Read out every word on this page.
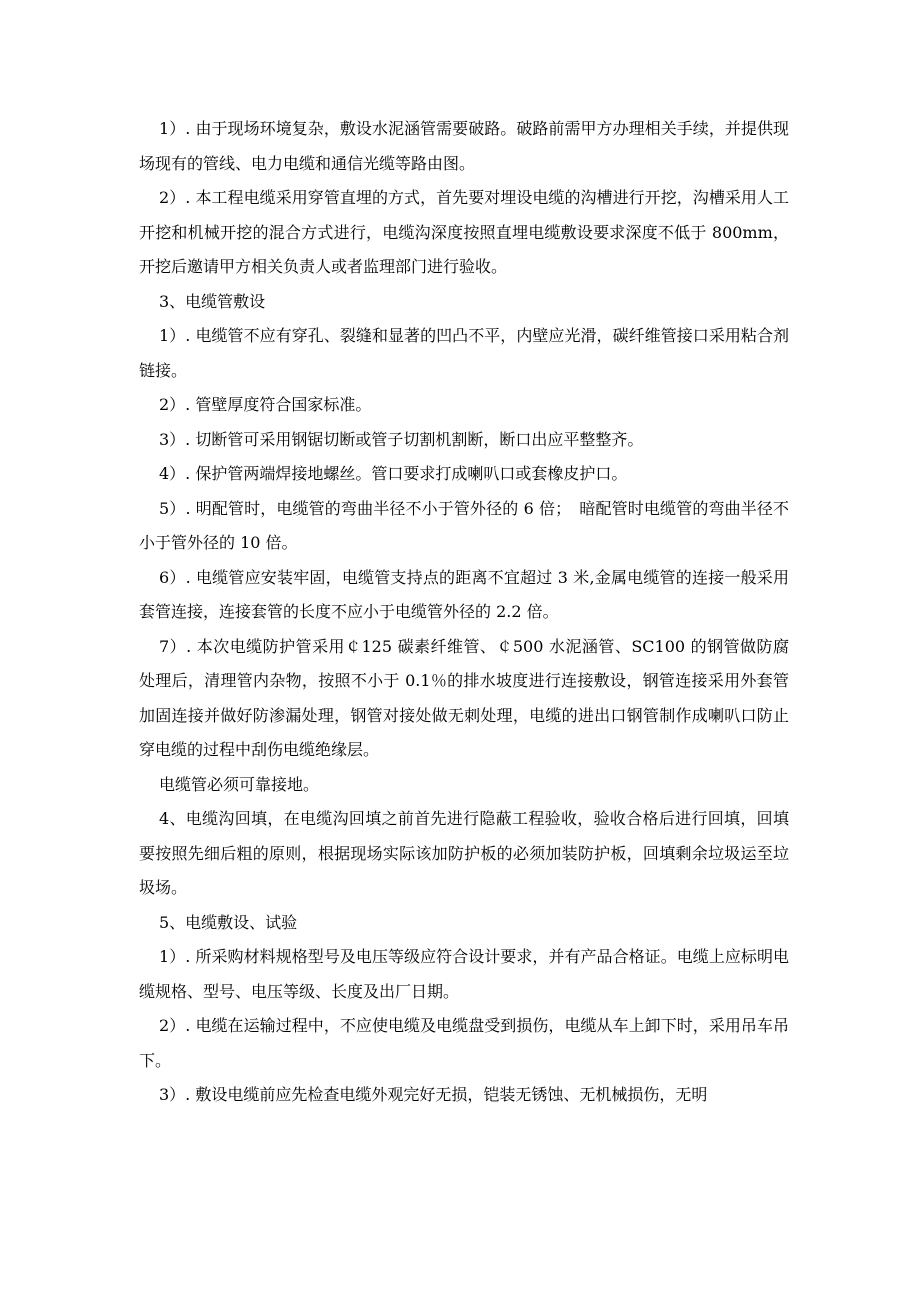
1）. 由于现场环境复杂，敷设水泥涵管需要破路。破路前需甲方办理相关手续，并提供现场现有的管线、电力电缆和通信光缆等路由图。

2）. 本工程电缆采用穿管直埋的方式，首先要对埋设电缆的沟槽进行开挖，沟槽采用人工开挖和机械开挖的混合方式进行，电缆沟深度按照直埋电缆敷设要求深度不低于 800mm，开挖后邀请甲方相关负责人或者监理部门进行验收。

3、电缆管敷设

1）. 电缆管不应有穿孔、裂缝和显著的凹凸不平，内壁应光滑，碳纤维管接口采用粘合剂链接。

2）. 管壁厚度符合国家标准。

3）. 切断管可采用钢锯切断或管子切割机割断，断口出应平整整齐。

4）. 保护管两端焊接地螺丝。管口要求打成喇叭口或套橡皮护口。

5）. 明配管时，电缆管的弯曲半径不小于管外径的 6 倍；　暗配管时电缆管的弯曲半径不小于管外径的 10 倍。

6）. 电缆管应安装牢固，电缆管支持点的距离不宜超过 3 米,金属电缆管的连接一般采用套管连接，连接套管的长度不应小于电缆管外径的 2.2 倍。

7）. 本次电缆防护管采用￠125 碳素纤维管、￠500 水泥涵管、SC100 的钢管做防腐处理后，清理管内杂物，按照不小于 0.1％的排水坡度进行连接敷设，钢管连接采用外套管加固连接并做好防渗漏处理，钢管对接处做无刺处理，电缆的进出口钢管制作成喇叭口防止穿电缆的过程中刮伤电缆绝缘层。

电缆管必须可靠接地。

4、电缆沟回填，在电缆沟回填之前首先进行隐蔽工程验收，验收合格后进行回填，回填要按照先细后粗的原则，根据现场实际该加防护板的必须加装防护板，回填剩余垃圾运至垃圾场。

5、电缆敷设、试验

1）. 所采购材料规格型号及电压等级应符合设计要求，并有产品合格证。电缆上应标明电缆规格、型号、电压等级、长度及出厂日期。

2）. 电缆在运输过程中，不应使电缆及电缆盘受到损伤，电缆从车上卸下时，采用吊车吊下。

3）. 敷设电缆前应先检查电缆外观完好无损，铠装无锈蚀、无机械损伤，无明
